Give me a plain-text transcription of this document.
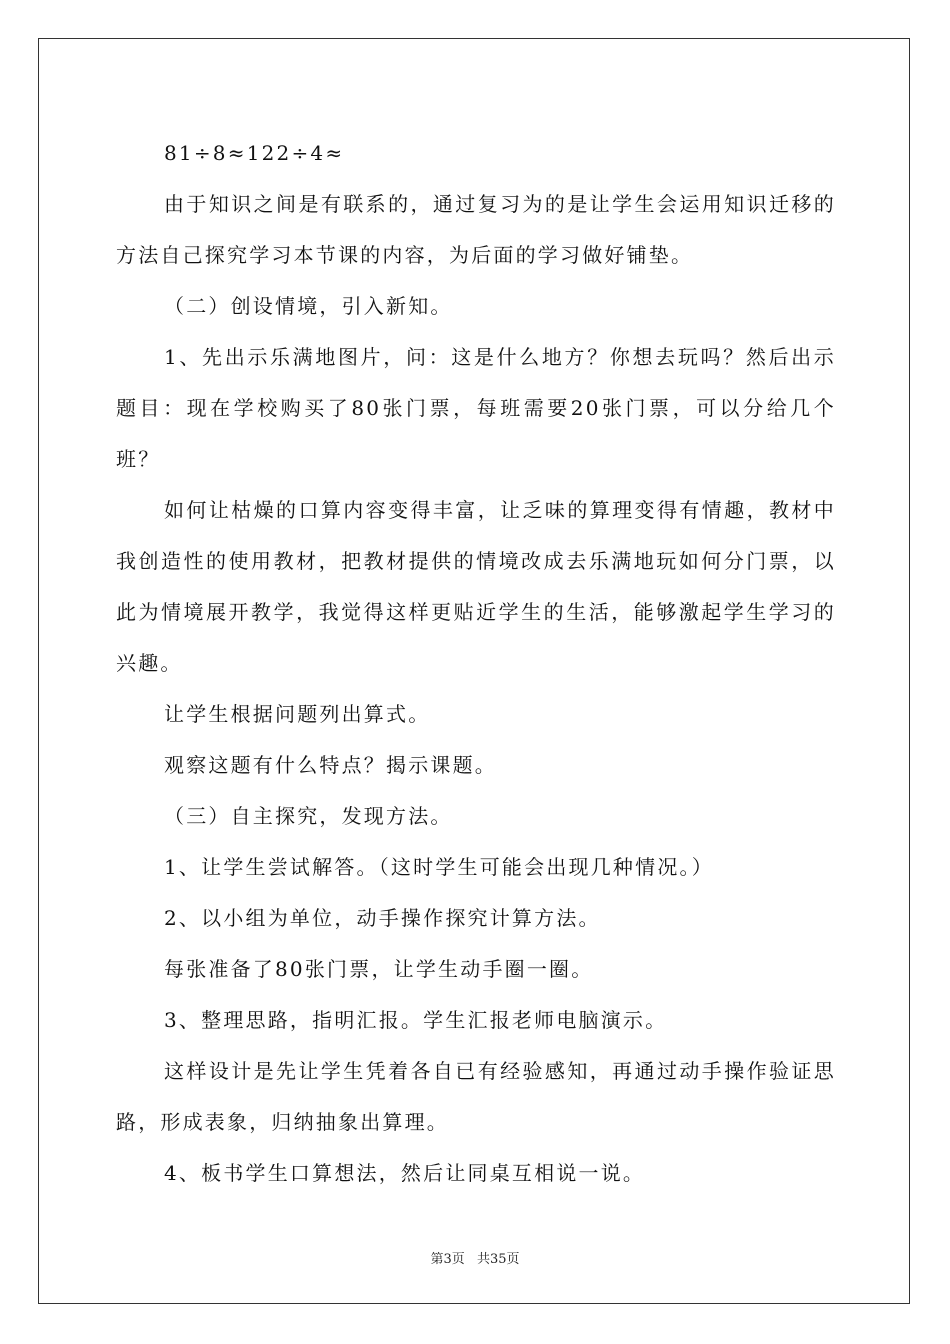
81÷8≈122÷4≈

由于知识之间是有联系的，通过复习为的是让学生会运用知识迁移的方法自己探究学习本节课的内容，为后面的学习做好铺垫。

（二）创设情境，引入新知。

1、先出示乐满地图片，问：这是什么地方？你想去玩吗？然后出示题目：现在学校购买了80张门票，每班需要20张门票，可以分给几个班？

如何让枯燥的口算内容变得丰富，让乏味的算理变得有情趣，教材中我创造性的使用教材，把教材提供的情境改成去乐满地玩如何分门票，以此为情境展开教学，我觉得这样更贴近学生的生活，能够激起学生学习的兴趣。

让学生根据问题列出算式。

观察这题有什么特点？揭示课题。

（三）自主探究，发现方法。

1、让学生尝试解答。（这时学生可能会出现几种情况。）

2、以小组为单位，动手操作探究计算方法。

每张准备了80张门票，让学生动手圈一圈。

3、整理思路，指明汇报。学生汇报老师电脑演示。

这样设计是先让学生凭着各自已有经验感知，再通过动手操作验证思路，形成表象，归纳抽象出算理。

4、板书学生口算想法，然后让同桌互相说一说。

第3页 共35页
